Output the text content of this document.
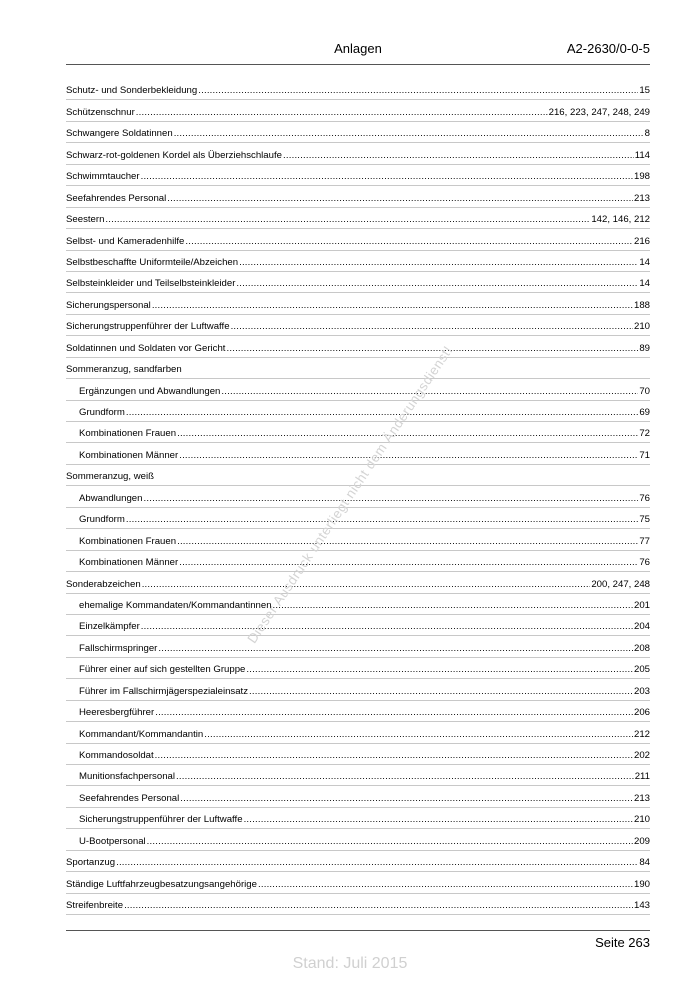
Anlagen	A2-2630/0-0-5
Schutz- und Sonderbekleidung .....	15
Schützenschnur .....	216, 223, 247, 248, 249
Schwangere Soldatinnen .....	8
Schwarz-rot-goldenen Kordel als Überziehschlaufe .....	114
Schwimmtaucher .....	198
Seefahrendes Personal .....	213
Seestern .....	142, 146, 212
Selbst- und Kameradenhilfe .....	216
Selbstbeschaffte Uniformteile/Abzeichen .....	14
Selbsteinkleider und Teilselbsteinkleider .....	14
Sicherungspersonal .....	188
Sicherungstruppenführer der Luftwaffe .....	210
Soldatinnen und Soldaten vor Gericht .....	89
Sommeranzug, sandfarben
Ergänzungen und Abwandlungen .....	70
Grundform .....	69
Kombinationen Frauen .....	72
Kombinationen Männer .....	71
Sommeranzug, weiß
Abwandlungen .....	76
Grundform .....	75
Kombinationen Frauen .....	77
Kombinationen Männer .....	76
Sonderabzeichen .....	200, 247, 248
ehemalige Kommandaten/Kommandantinnen .....	201
Einzelkämpfer .....	204
Fallschirmspringer .....	208
Führer einer auf sich gestellten Gruppe .....	205
Führer im Fallschirmjägerspezialeinsatz .....	203
Heeresbergführer .....	206
Kommandant/Kommandantin .....	212
Kommandosoldat .....	202
Munitionsfachpersonal .....	211
Seefahrendes Personal .....	213
Sicherungstruppenführer der Luftwaffe .....	210
U-Bootpersonal .....	209
Sportanzug .....	84
Ständige Luftfahrzeugbesatzungsangehörige .....	190
Streifenbreite .....	143
Dieser Ausdruck unterliegt nicht dem Änderungsdienst!
Seite 263
Stand: Juli 2015
